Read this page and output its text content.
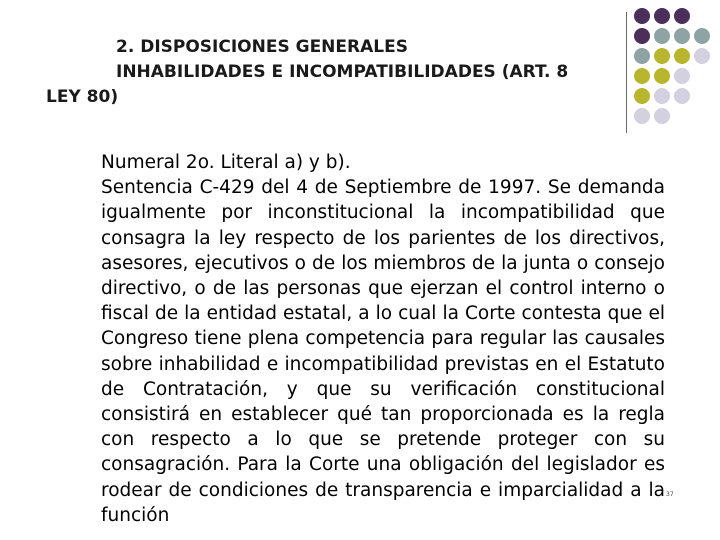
2. DISPOSICIONES GENERALES

INHABILIDADES E INCOMPATIBILIDADES (ART. 8

LEY 80)

Numeral 2o. Literal a) y b).

Sentencia C-429 del 4 de Septiembre de 1997. Se demanda igualmente por inconstitucional la incompatibilidad que consagra la ley respecto de los parientes de los directivos, asesores, ejecutivos o de los miembros de la junta o consejo directivo, o de las personas que ejerzan el control interno o fiscal de la entidad estatal, a lo cual la Corte contesta que el Congreso tiene plena competencia para regular las causales sobre inhabilidad e incompatibilidad previstas en el Estatuto de Contratación, y que su verificación constitucional consistirá en establecer qué tan proporcionada es la regla con respecto a lo que se pretende proteger con su consagración. Para la Corte una obligación del legislador es rodear de condiciones de transparencia e imparcialidad a la función

37
